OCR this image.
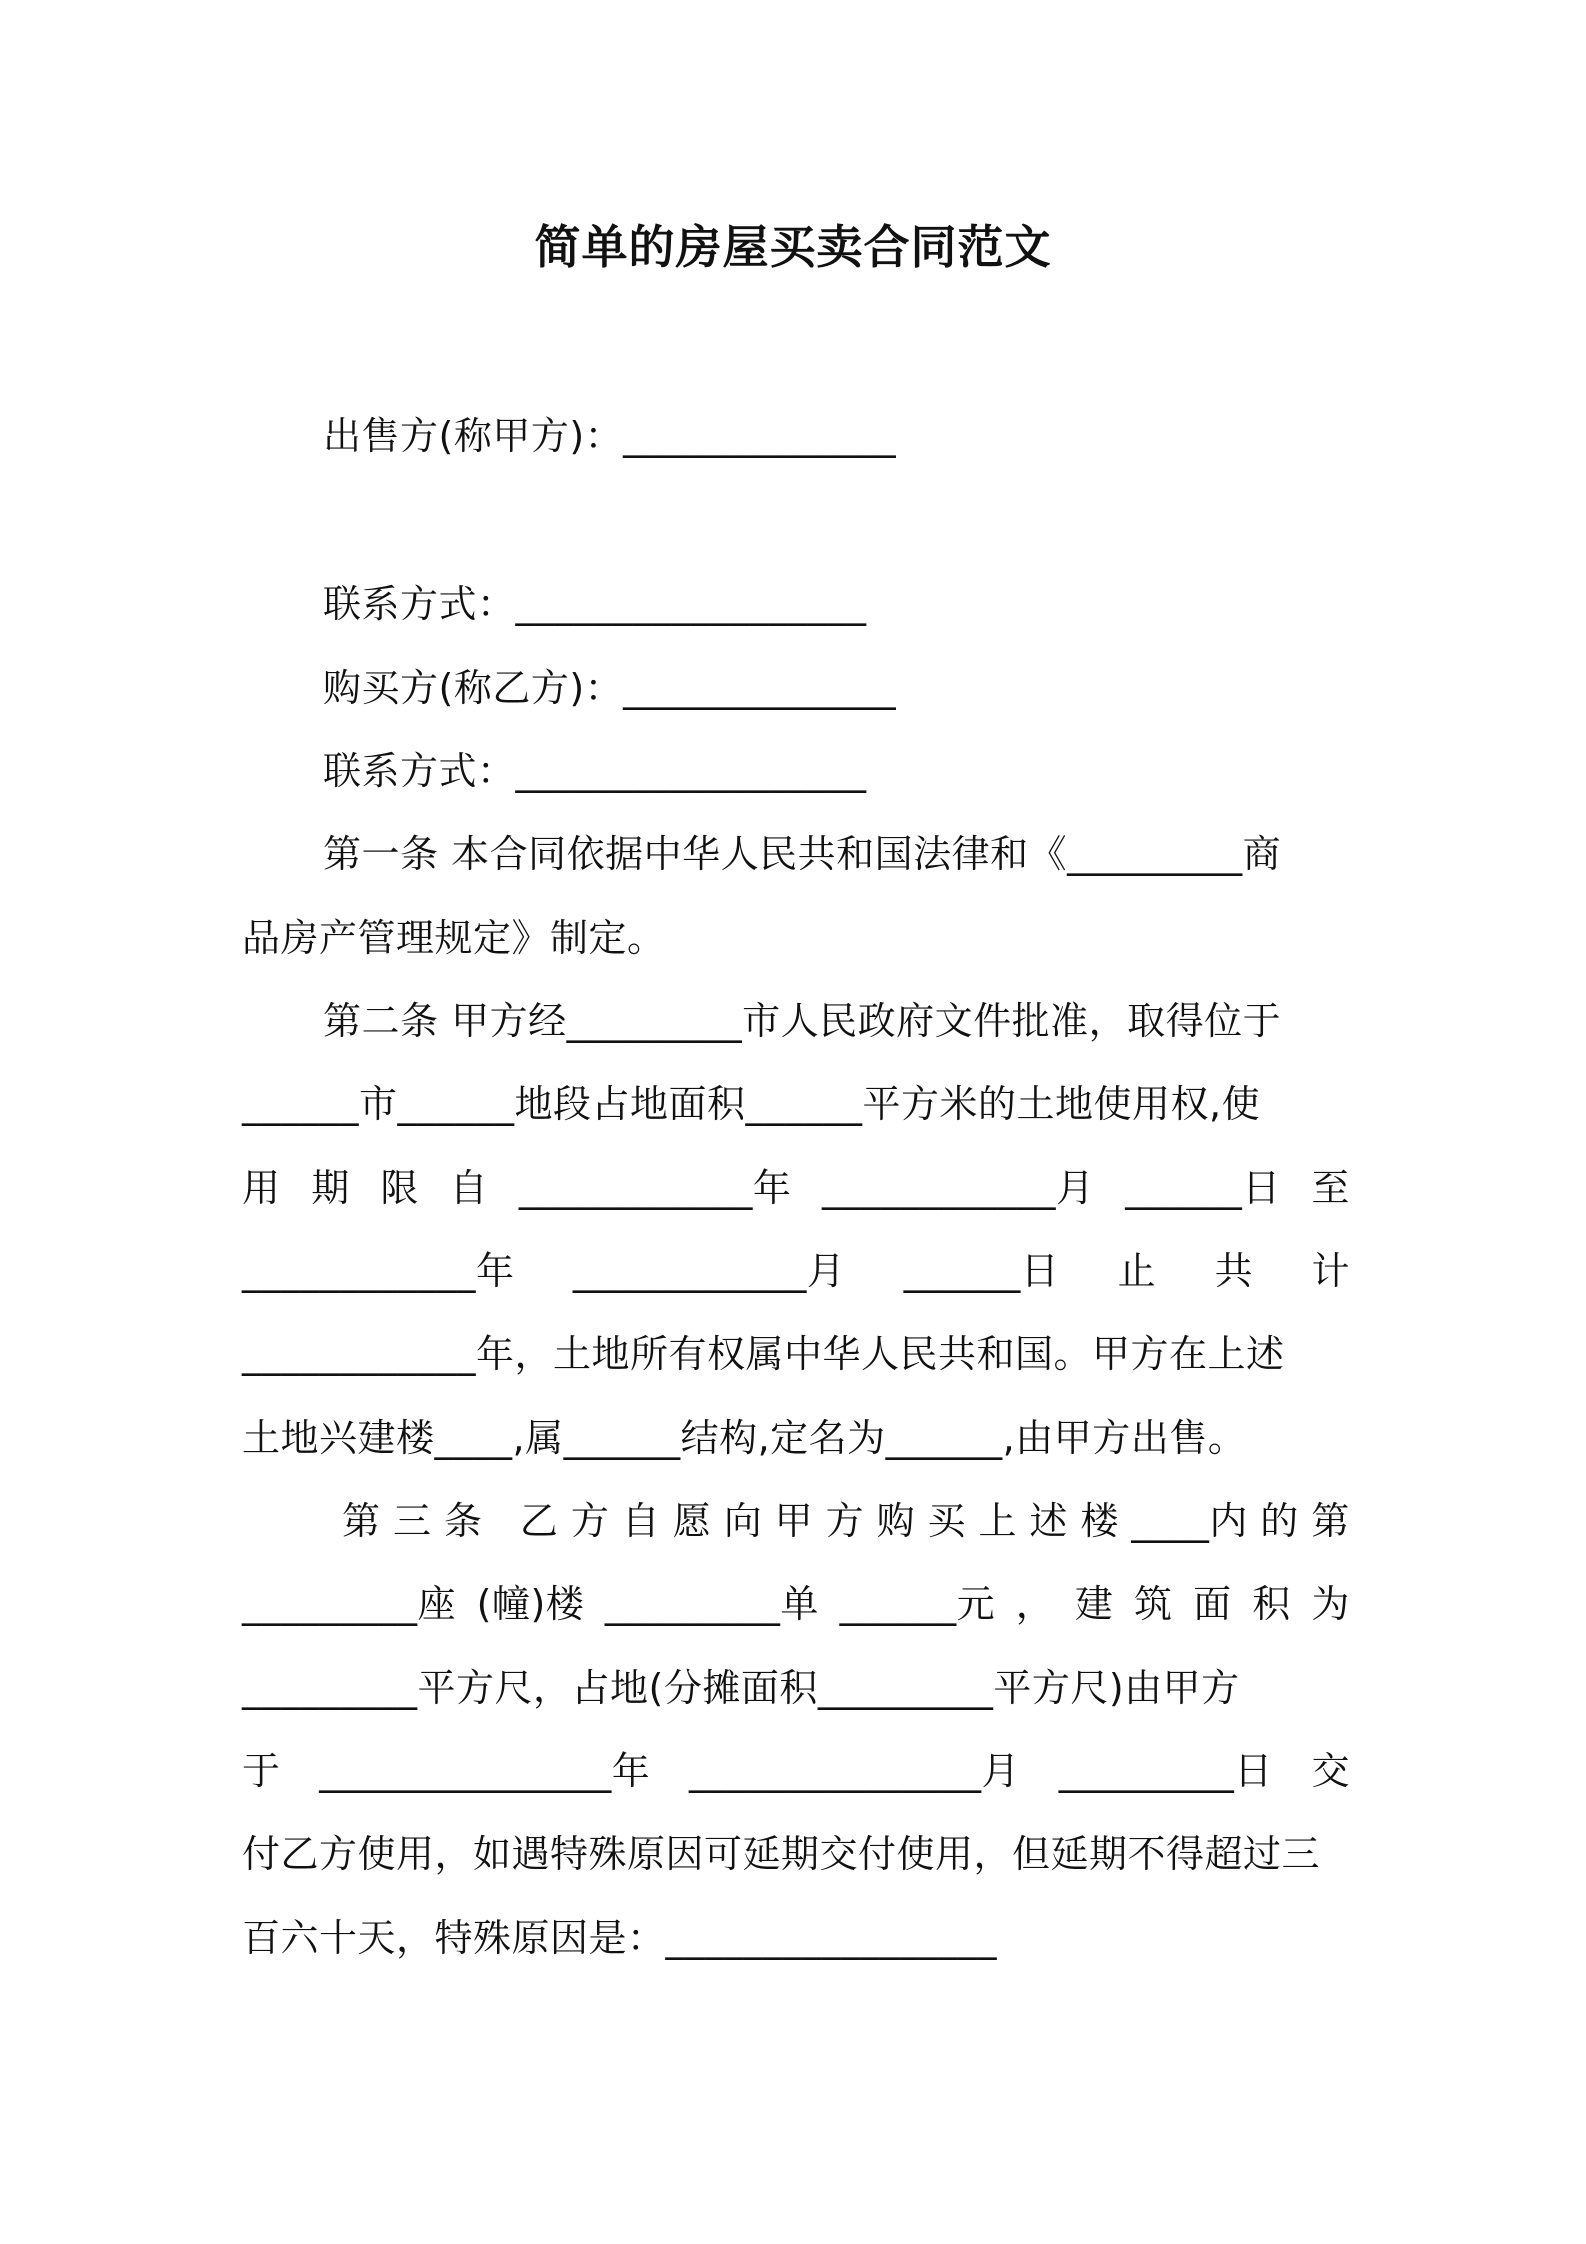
简单的房屋买卖合同范文
出售方(称甲方)：______________
联系方式：__________________
购买方(称乙方)：______________
联系方式：__________________
第一条 本合同依据中华人民共和国法律和《_________商
品房产管理规定》制定。
第二条 甲方经_________市人民政府文件批准，取得位于
______市______地段占地面积______平方米的土地使用权,使
用 期 限 自 ____________年 ____________月 ______日 至
____________年 ____________月 ______日 止 共 计
____________年，土地所有权属中华人民共和国。甲方在上述
土地兴建楼____,属______结构,定名为______,由甲方出售。
第 三 条
乙 方 自 愿 向 甲 方 购 买 上 述 楼 ____内 的 第
_________座 (幢)楼 _________单 ______元 ， 建 筑 面 积 为
_________平方尺，占地(分摊面积_________平方尺)由甲方
于 _______________年 _______________月 _________日 交
付乙方使用，如遇特殊原因可延期交付使用，但延期不得超过三
百六十天，特殊原因是：_________________
